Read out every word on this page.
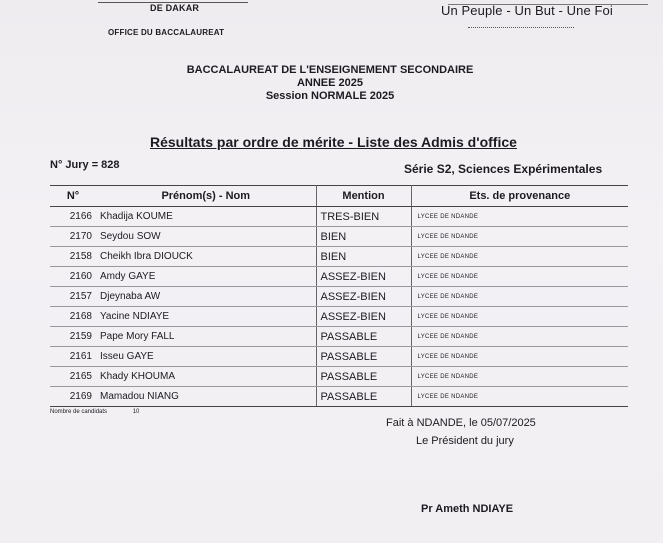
DE DAKAR
OFFICE DU BACCALAUREAT
Un Peuple - Un But - Une Foi
BACCALAUREAT DE L'ENSEIGNEMENT SECONDAIRE
ANNEE 2025
Session NORMALE 2025
Résultats par ordre de mérite - Liste des Admis d'office
N° Jury = 828	Série S2, Sciences Expérimentales
N°	Prénom(s) - Nom	Mention	Ets. de provenance
2166	Khadija KOUME	TRES-BIEN	LYCEE DE NDANDE
2170	Seydou SOW	BIEN	LYCEE DE NDANDE
2158	Cheikh Ibra DIOUCK	BIEN	LYCEE DE NDANDE
2160	Amdy GAYE	ASSEZ-BIEN	LYCEE DE NDANDE
2157	Djeynaba AW	ASSEZ-BIEN	LYCEE DE NDANDE
2168	Yacine NDIAYE	ASSEZ-BIEN	LYCEE DE NDANDE
2159	Pape Mory FALL	PASSABLE	LYCEE DE NDANDE
2161	Isseu GAYE	PASSABLE	LYCEE DE NDANDE
2165	Khady KHOUMA	PASSABLE	LYCEE DE NDANDE
2169	Mamadou NIANG	PASSABLE	LYCEE DE NDANDE
Nombre de candidats	10
Fait à NDANDE, le 05/07/2025
Le Président du jury
Pr Ameth NDIAYE
